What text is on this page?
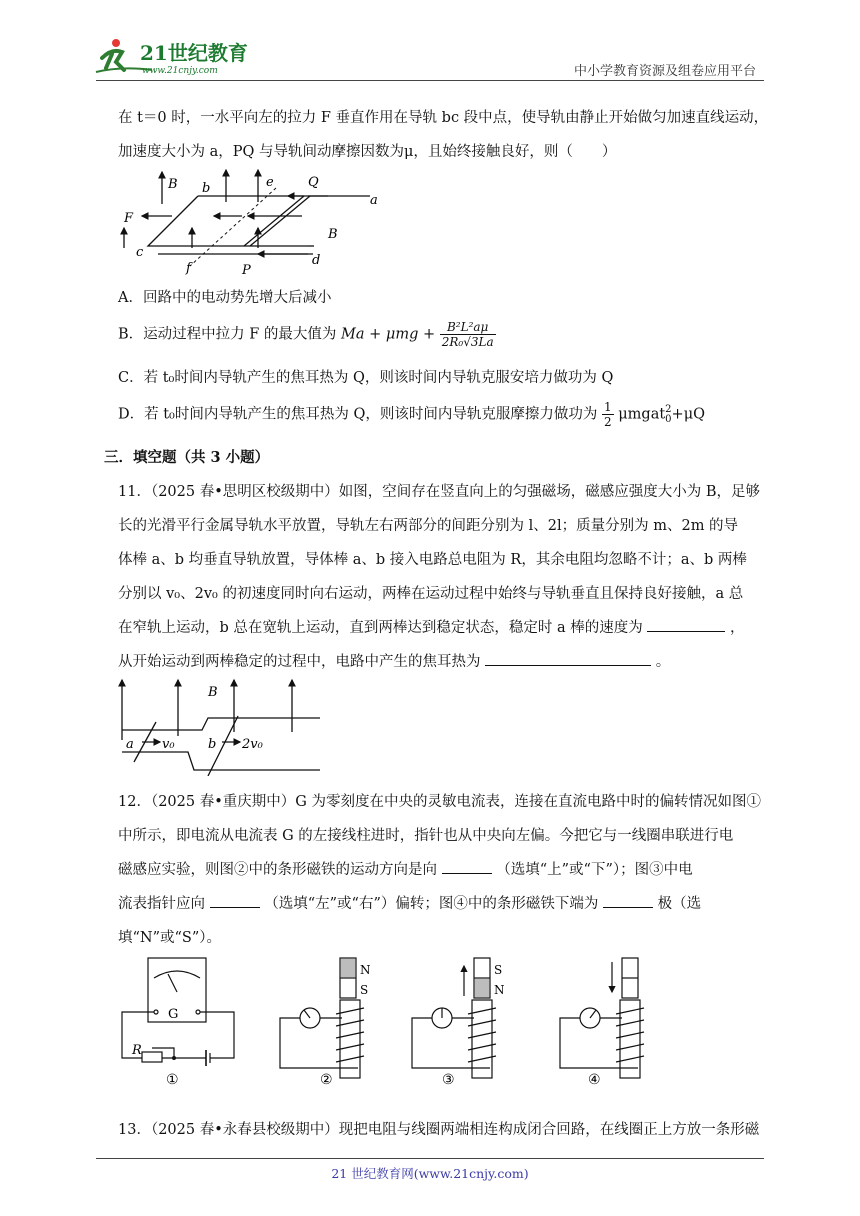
21世纪教育
www.21cnjy.com	中小学教育资源及组卷应用平台
在 t＝0 时，一水平向左的拉力 F 垂直作用在导轨 bc 段中点，使导轨由静止开始做匀加速直线运动，
加速度大小为 a，PQ 与导轨间动摩擦因数为μ，且始终接触良好，则（　　）
B b	e	Q
a
F
B
c
f	P
d
A．回路中的电动势先增大后减小
B．运动过程中拉力 F 的最大值为 $Ma + \mu mg + \frac{\text{B²L²aμ}}{\text{2R₀√3La}}$
C．若 t₀时间内导轨产生的焦耳热为 Q，则该时间内导轨克服安培力做功为 Q
D．若 t₀时间内导轨产生的焦耳热为 Q，则该时间内导轨克服摩擦力做功为 $\frac{1}{2}$ μmgat 2
0 +μQ
三．填空题（共 3 小题）
11．（2025 春•思明区校级期中）如图，空间存在竖直向上的匀强磁场，磁感应强度大小为 B，足够
长的光滑平行金属导轨水平放置，导轨左右两部分的间距分别为 l、2l；质量分别为 m、2m 的导
体棒 a、b 均垂直导轨放置，导体棒 a、b 接入电路总电阻为 R，其余电阻均忽略不计；a、b 两棒
分别以 v₀、2v₀ 的初速度同时向右运动，两棒在运动过程中始终与导轨垂直且保持良好接触，a 总
在窄轨上运动，b 总在宽轨上运动，直到两棒达到稳定状态，稳定时 a 棒的速度为	，
从开始运动到两棒稳定的过程中，电路中产生的焦耳热为	。
B
a v₀	b 2v₀
12．（2025 春•重庆期中）G 为零刻度在中央的灵敏电流表，连接在直流电路中时的偏转情况如图①
中所示，即电流从电流表 G 的左接线柱进时，指针也从中央向左偏。今把它与一线圈串联进行电
磁感应实验，则图②中的条形磁铁的运动方向是向	（选填“上”或“下”）；图③中电
流表指针应向	（选填“左”或“右”）偏转；图④中的条形磁铁下端为	极（选
填“N”或“S”）。
G
R
N
S
S
N
①	②	③	④
13．（2025 春•永春县校级期中）现把电阻与线圈两端相连构成闭合回路，在线圈正上方放一条形磁
21 世纪教育网(www.21cnjy.com)
